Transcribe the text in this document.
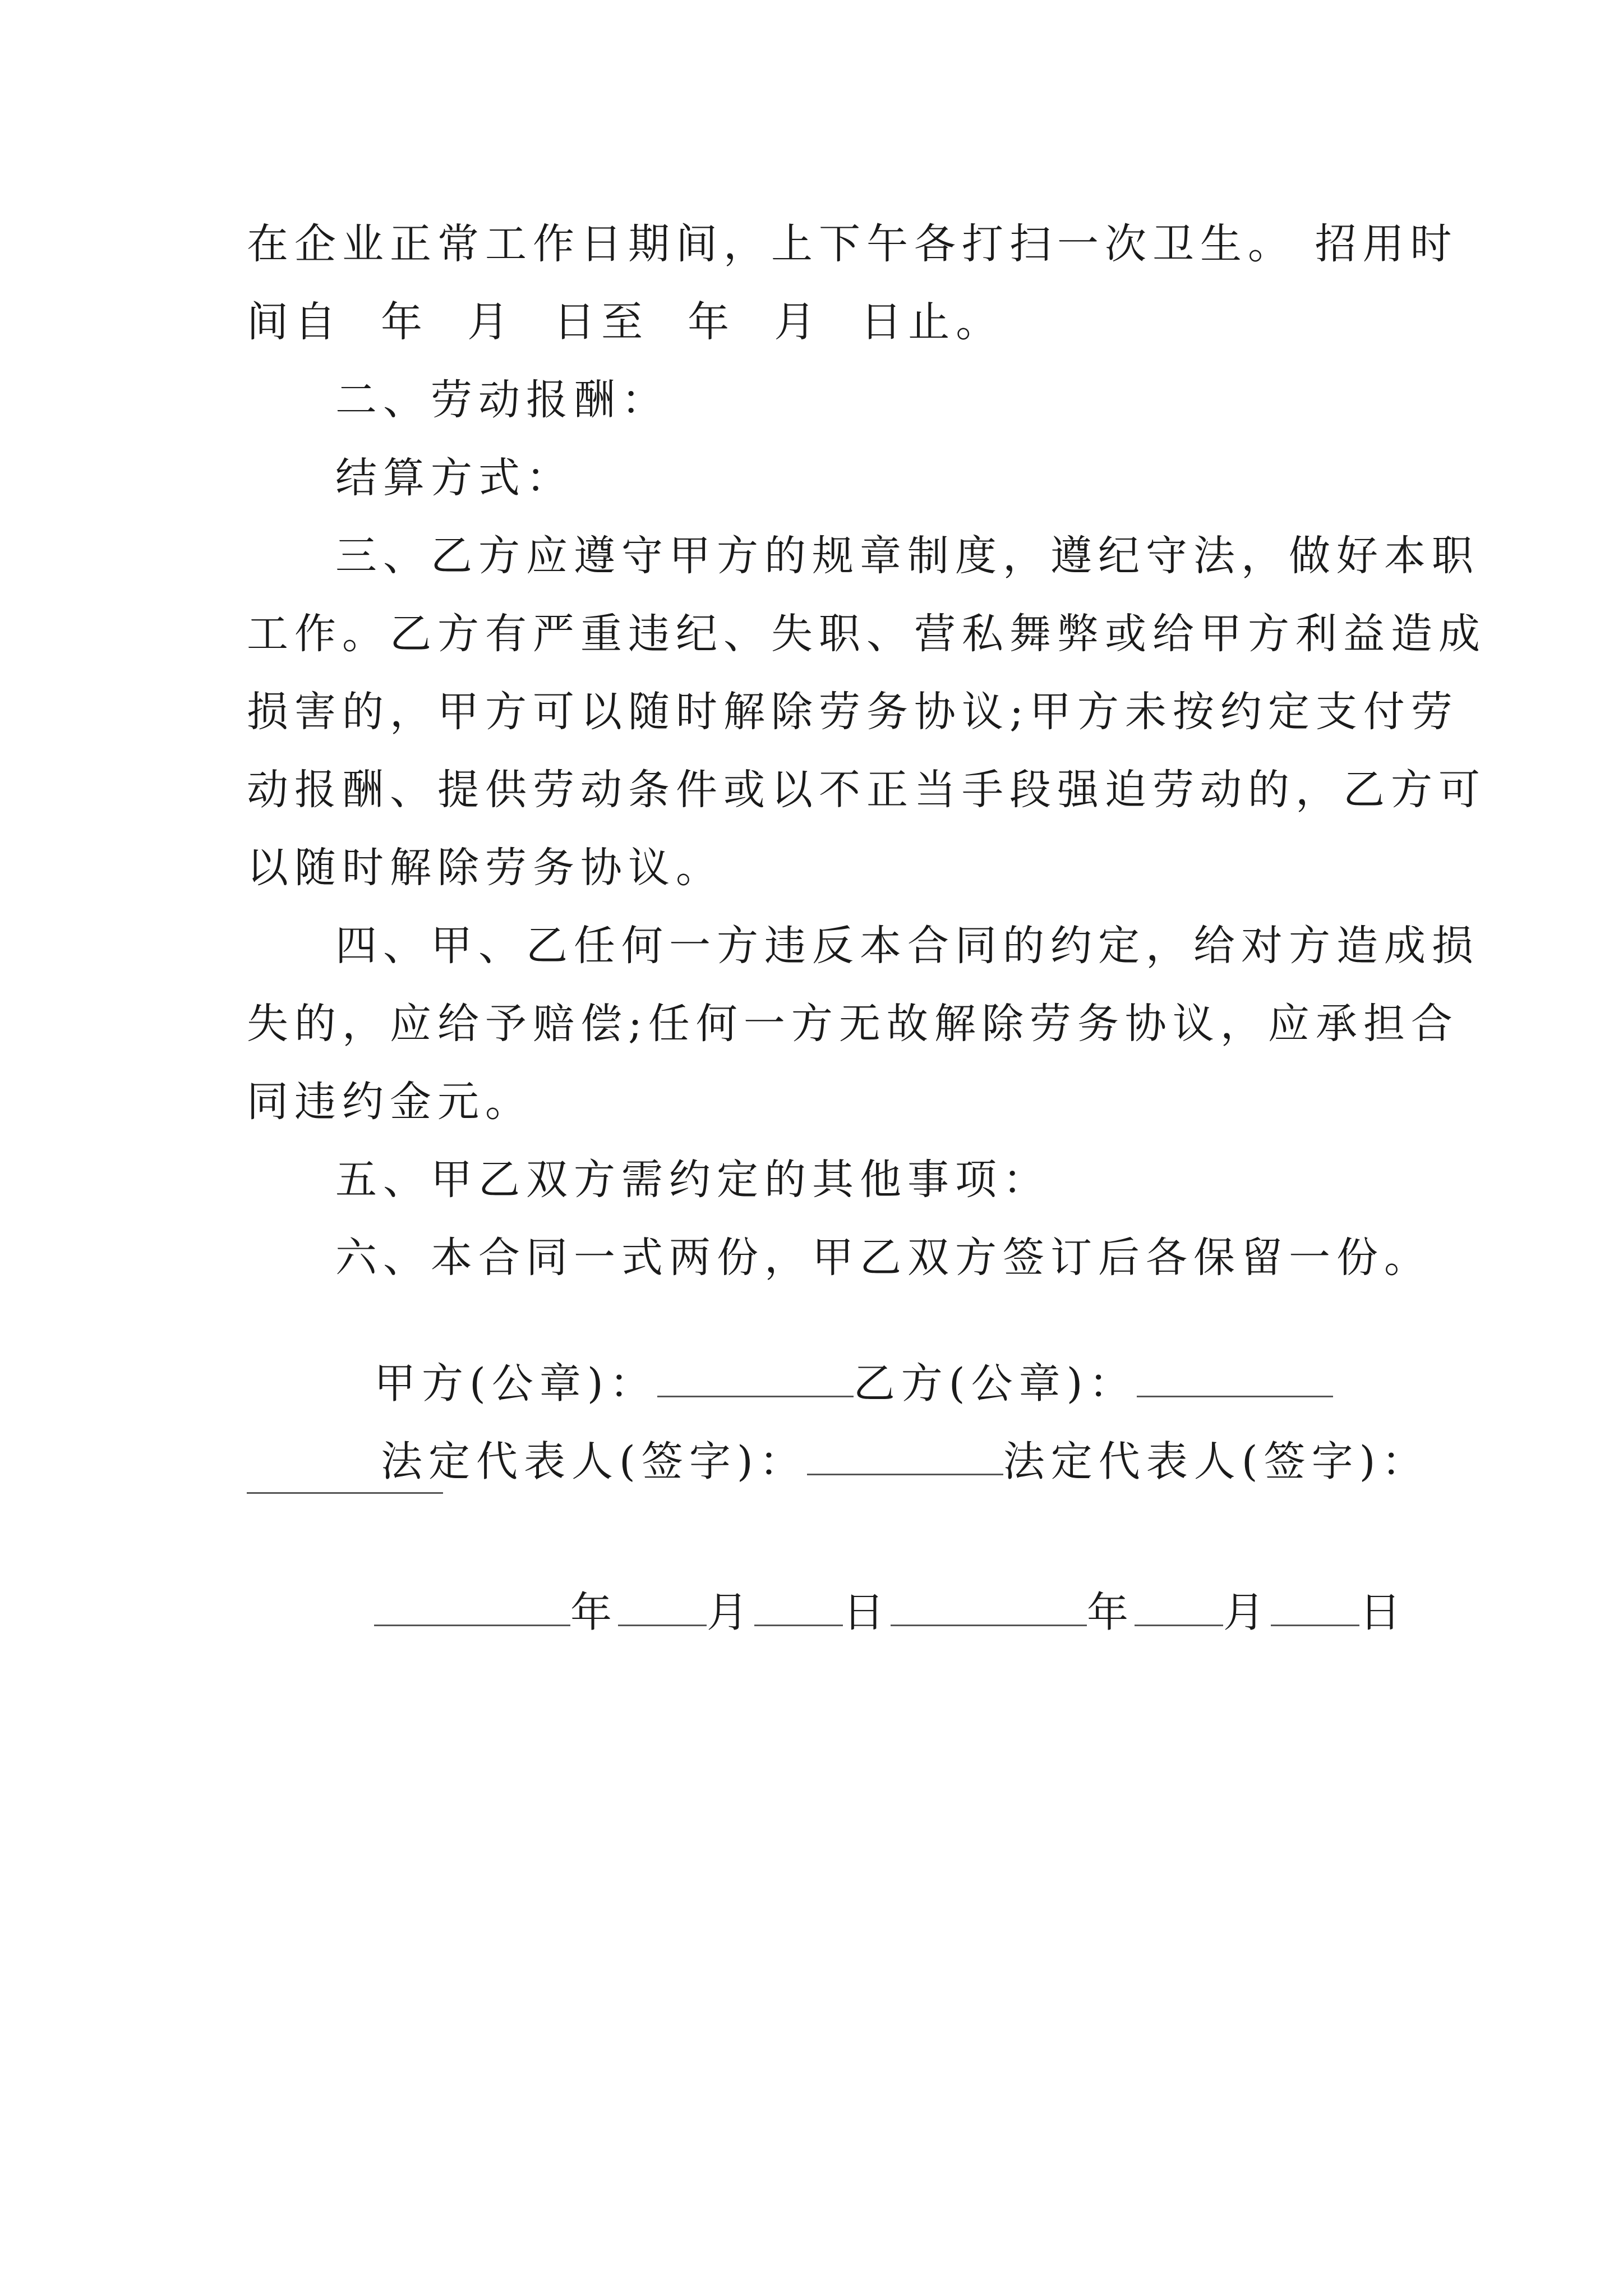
在企业正常工作日期间，上下午各打扫一次卫生。 招用时
间自  年  月  日至  年  月  日止。
二、劳动报酬：
结算方式：
三、乙方应遵守甲方的规章制度，遵纪守法，做好本职
工作。乙方有严重违纪、失职、营私舞弊或给甲方利益造成
损害的，甲方可以随时解除劳务协议;甲方未按约定支付劳
动报酬、提供劳动条件或以不正当手段强迫劳动的，乙方可
以随时解除劳务协议。
四、甲、乙任何一方违反本合同的约定，给对方造成损
失的，应给予赔偿;任何一方无故解除劳务协议，应承担合
同违约金元。
五、甲乙双方需约定的其他事项：
六、本合同一式两份，甲乙双方签订后各保留一份。

甲方(公章)：	乙方(公章)：

法定代表人(签字)：	法定代表人(签字)：

年 月 日	年 月 日
